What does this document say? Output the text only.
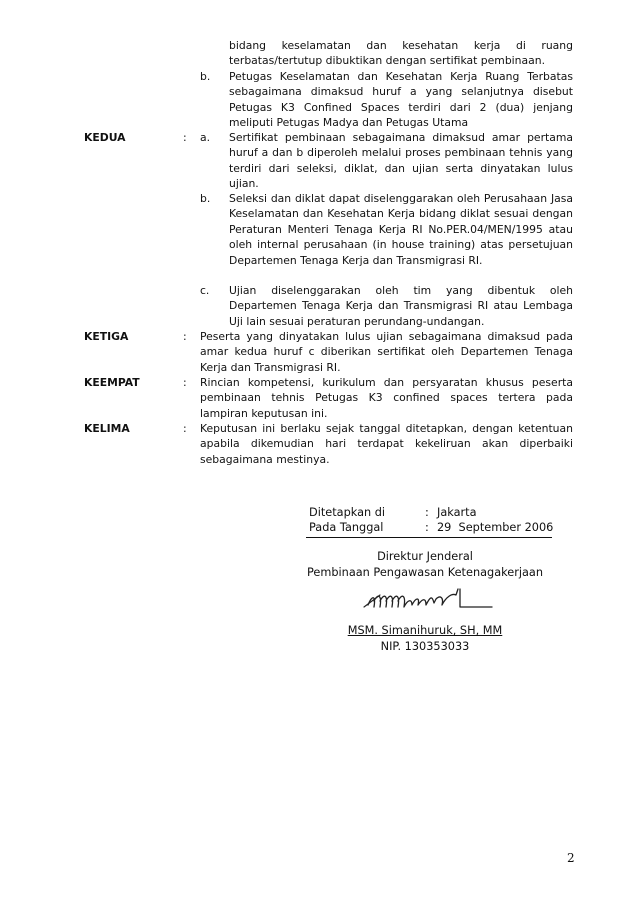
bidang keselamatan dan kesehatan kerja di ruang terbatas/tertutup dibuktikan dengan sertifikat pembinaan.
b. Petugas Keselamatan dan Kesehatan Kerja Ruang Terbatas sebagaimana dimaksud huruf a yang selanjutnya disebut Petugas K3 Confined Spaces terdiri dari 2 (dua) jenjang meliputi Petugas Madya dan Petugas Utama
KEDUA	: a. Sertifikat pembinaan sebagaimana dimaksud amar pertama huruf a dan b diperoleh melalui proses pembinaan tehnis yang terdiri dari seleksi, diklat, dan ujian serta dinyatakan lulus ujian.
b. Seleksi dan diklat dapat diselenggarakan oleh Perusahaan Jasa Keselamatan dan Kesehatan Kerja bidang diklat sesuai dengan Peraturan Menteri Tenaga Kerja RI No.PER.04/MEN/1995 atau oleh internal perusahaan (in house training) atas persetujuan Departemen Tenaga Kerja dan Transmigrasi RI.
c. Ujian diselenggarakan oleh tim yang dibentuk oleh Departemen Tenaga Kerja dan Transmigrasi RI atau Lembaga Uji lain sesuai peraturan perundang-undangan.
KETIGA	: Peserta yang dinyatakan lulus ujian sebagaimana dimaksud pada amar kedua huruf c diberikan sertifikat oleh Departemen Tenaga Kerja dan Transmigrasi RI.
KEEMPAT	: Rincian kompetensi, kurikulum dan persyaratan khusus peserta pembinaan tehnis Petugas K3 confined spaces tertera pada lampiran keputusan ini.
KELIMA	: Keputusan ini berlaku sejak tanggal ditetapkan, dengan ketentuan apabila dikemudian hari terdapat kekeliruan akan diperbaiki sebagaimana mestinya.
Ditetapkan di	: Jakarta
Pada Tanggal	: 29  September 2006
Direktur Jenderal
Pembinaan Pengawasan Ketenagakerjaan
MSM. Simanihuruk, SH, MM
NIP. 130353033
2
